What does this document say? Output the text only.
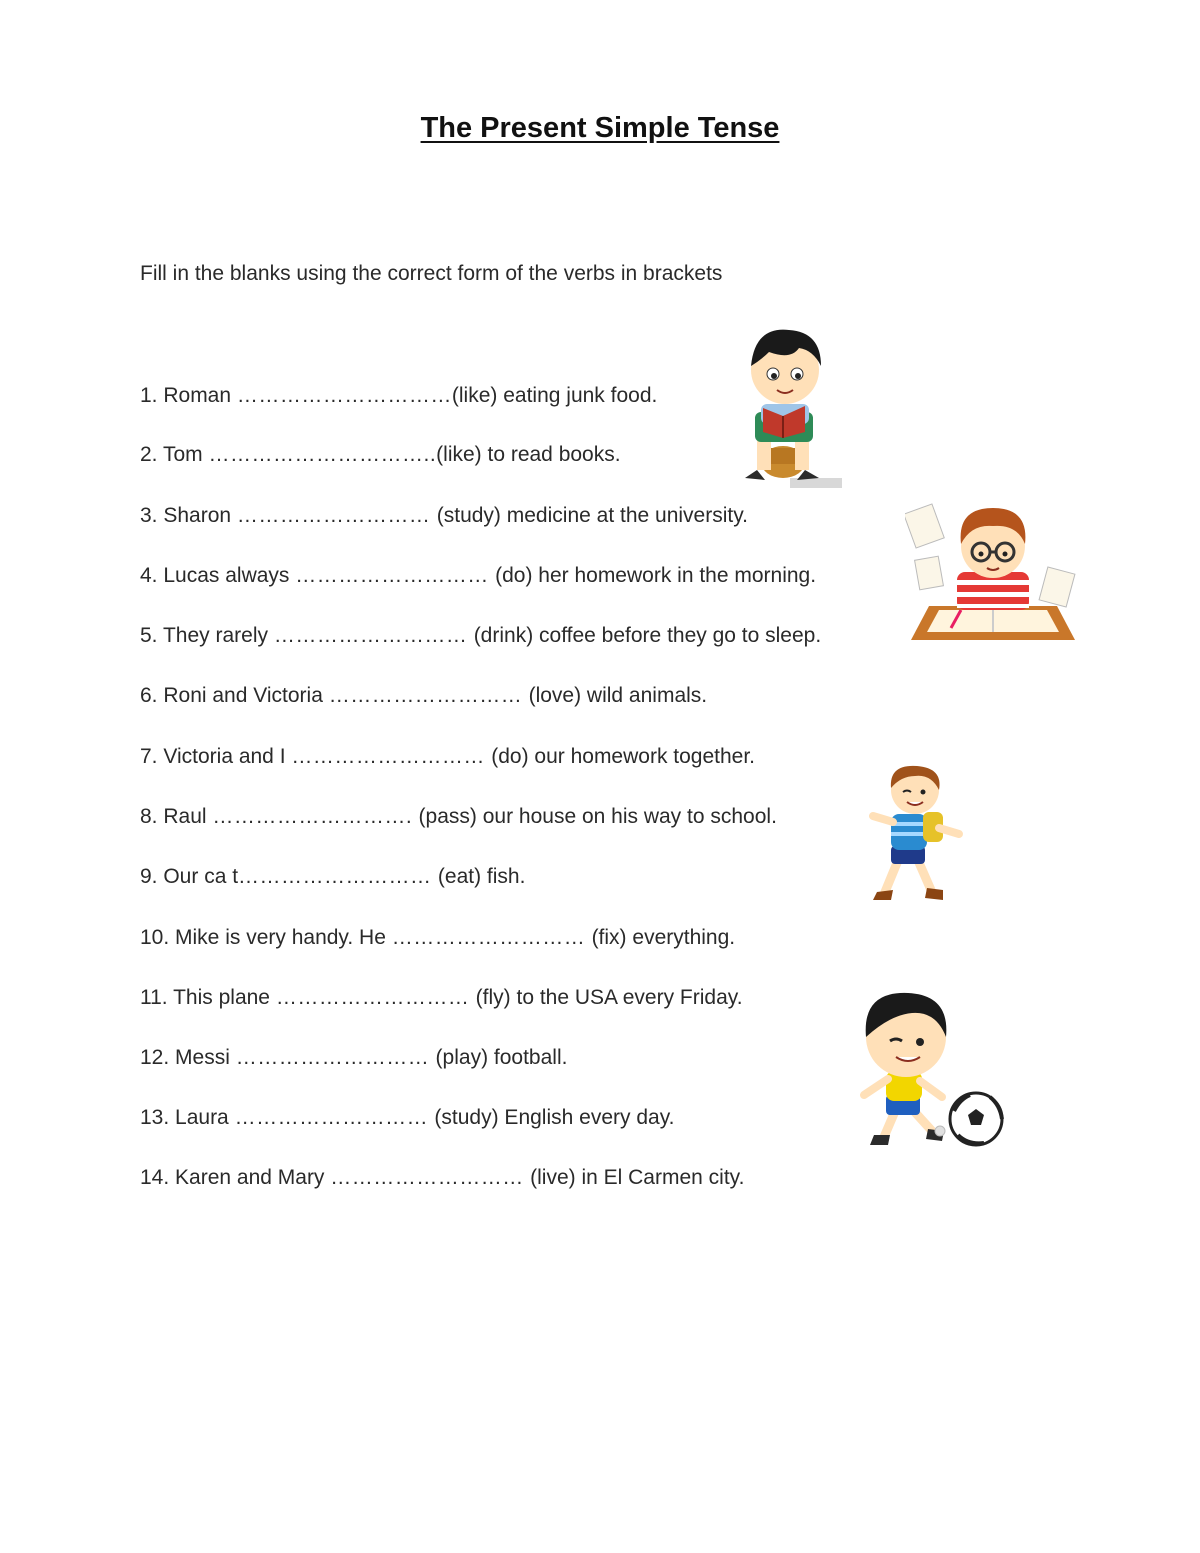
The Present Simple Tense
Fill in the blanks using the correct form of the verbs in brackets
1. Roman …………………………(like) eating junk food.
2. Tom …………………………..(like) to read books.
3. Sharon ……………………… (study) medicine at the university.
4. Lucas always ……………………… (do) her homework in the morning.
5. They rarely ……………………… (drink) coffee before they go to sleep.
6. Roni and Victoria ……………………… (love) wild animals.
7. Victoria and I ……………………… (do) our homework together.
8. Raul ………………………. (pass) our house on his way to school.
9. Our ca t……………………… (eat) fish.
10. Mike is very handy. He ……………………… (fix) everything.
11. This plane ……………………… (fly) to the USA every Friday.
12. Messi ……………………… (play) football.
13. Laura ……………………… (study) English every day.
14. Karen and Mary ……………………… (live) in El Carmen city.
